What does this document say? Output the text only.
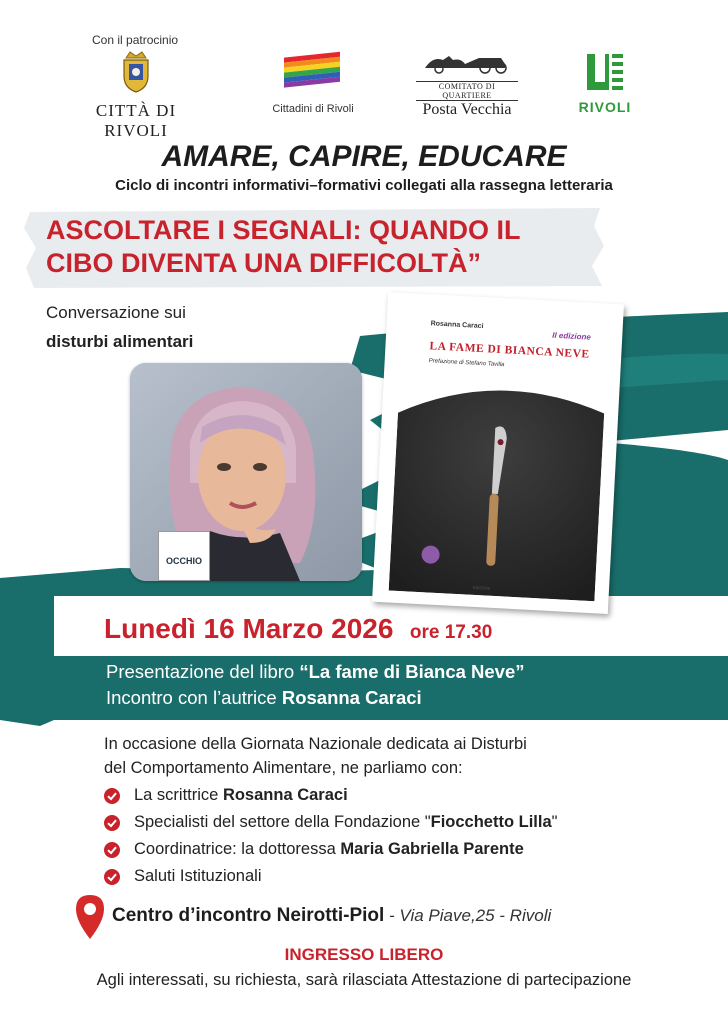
Con il patrocinio
CITTÀ DI RIVOLI
Cittadini di Rivoli
COMITATO DI QUARTIERE
Posta Vecchia	RIVOLI
AMARE, CAPIRE, EDUCARE
Ciclo di incontri informativi–formativi collegati alla rassegna letteraria
ASCOLTARE I SEGNALI: QUANDO IL
CIBO DIVENTA UNA DIFFICOLTÀ”
Conversazione sui
disturbi alimentari
OCCHIO
Rosanna Caraci
II edizione
LA FAME DI BIANCA NEVE
Prefazione di Stefano Tavilla
EDIZIONI
Lunedì 16 Marzo 2026 ore 17.30
Presentazione del libro “La fame di Bianca Neve”
Incontro con l’autrice Rosanna Caraci
In occasione della Giornata Nazionale dedicata ai Disturbi
del Comportamento Alimentare, ne parliamo con:
La scrittrice Rosanna Caraci
Specialisti del settore della Fondazione "Fiocchetto Lilla"
Coordinatrice: la dottoressa Maria Gabriella Parente
Saluti Istituzionali
Centro d’incontro Neirotti-Piol - Via Piave,25 - Rivoli
INGRESSO LIBERO
Agli interessati, su richiesta, sarà rilasciata Attestazione di partecipazione
